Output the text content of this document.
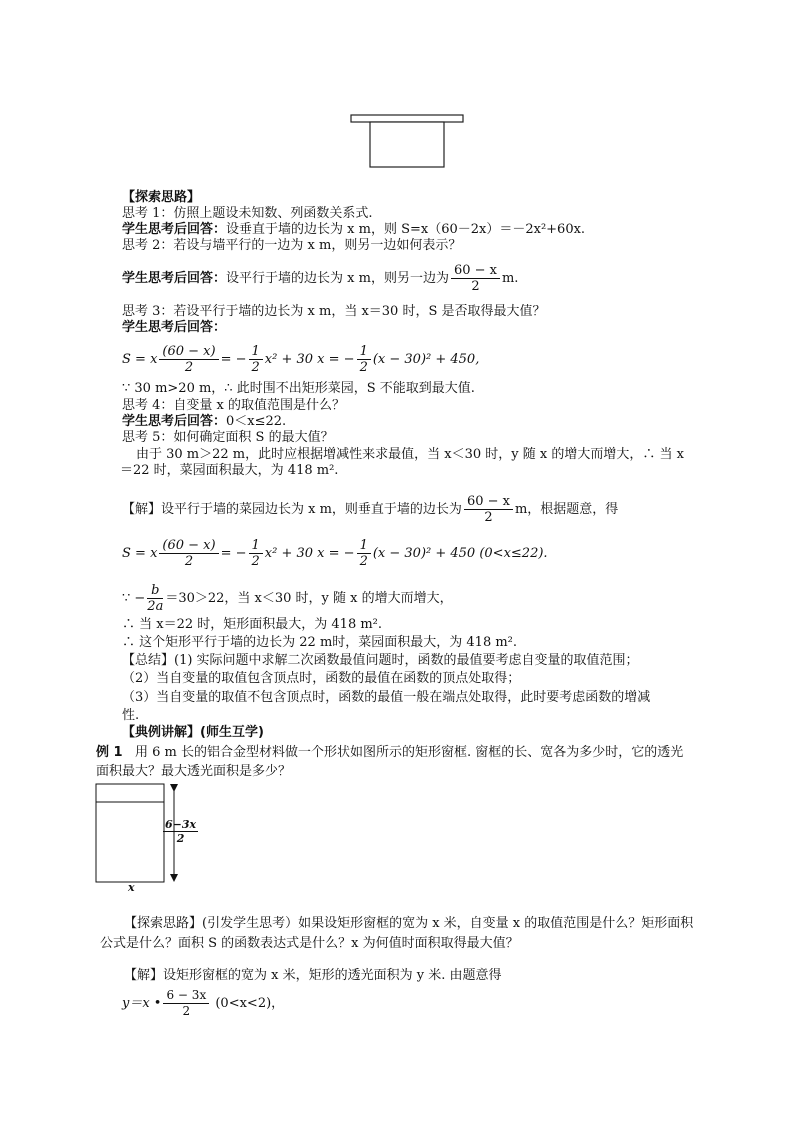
【探索思路】
思考 1：仿照上题设未知数、列函数关系式.
学生思考后回答：设垂直于墙的边长为 x m，则 S=x（60－2x）＝－2x²+60x.
思考 2：若设与墙平行的一边为 x m，则另一边如何表示？
学生思考后回答：设平行于墙的边长为 x m，则另一边为 $\frac{60 - x}{2} m$.
思考 3：若设平行于墙的边长为 x m，当 x＝30 时，S 是否取得最大值？
学生思考后回答：
S = x $\frac{(60 - x)}{2}$ = − $\frac{1}{2} x^2 + 30$ x = − $\frac{1}{2} (x - 30)^2 + 450$,
∵ 30 m>20 m，∴ 此时围不出矩形菜园，S 不能取到最大值.
思考 4：自变量 x 的取值范围是什么？
学生思考后回答：0＜x≤22.
思考 5：如何确定面积 S 的最大值？
由于 30 m＞22 m，此时应根据增减性来求最值，当 x＜30 时，y 随 x 的增大而增大，∴ 当 x＝22 时，菜园面积最大，为 418 m².
【解】设平行于墙的菜园边长为 x m，则垂直于墙的边长为 $\frac{60 - x}{2}$ m，根据题意，得
S = x $\frac{(60 - x)}{2}$ = − $\frac{1}{2} x^2 + 30$ x = − $\frac{1}{2} (x - 30)^2 + 450$ (0<x≤22).
∵ − $\frac{b}{2a} =30>22$，当 x＜30 时，y 随 x 的增大而增大，
∴ 当 x＝22 时，矩形面积最大，为 418 m².
∴ 这个矩形平行于墙的边长为 22 m时，菜园面积最大，为 418 m².
【总结】(1) 实际问题中求解二次函数最值问题时，函数的最值要考虑自变量的取值范围；
（2）当自变量的取值包含顶点时，函数的最值在函数的顶点处取得；
（3）当自变量的取值不包含顶点时，函数的最值一般在端点处取得，此时要考虑函数的增减
性.
【典例讲解】(师生互学)
例 1 用 6 m 长的铝合金型材料做一个形状如图所示的矩形窗框. 窗框的长、宽各为多少时，它的透光面积最大？最大透光面积是多少？
$\frac{6-3x}{2}$
x
【探索思路】(引发学生思考）如果设矩形窗框的宽为 x 米，自变量 x 的取值范围是什么？矩形面积公式是什么？面积 S 的函数表达式是什么？x 为何值时面积取得最大值？
【解】设矩形窗框的宽为 x 米，矩形的透光面积为 y 米. 由题意得
y＝x • $\frac{6 - 3x}{2} (0<x<2)$，
